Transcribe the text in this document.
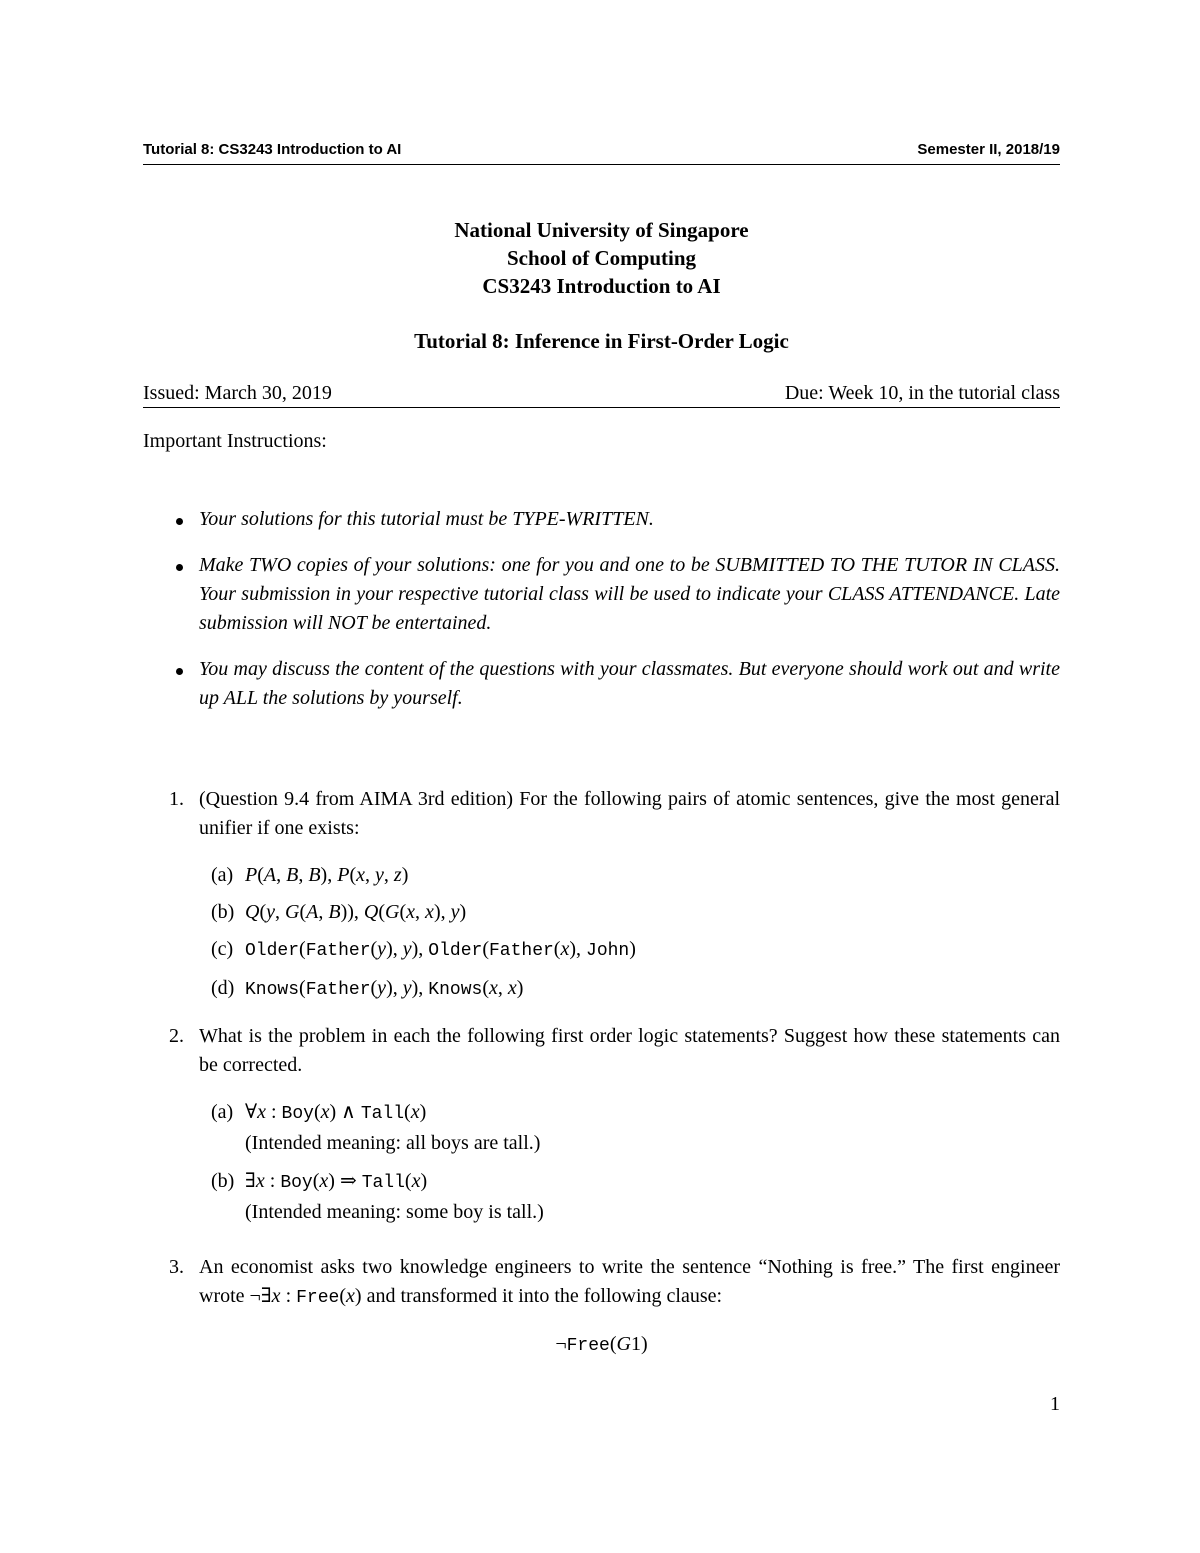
Tutorial 8: CS3243 Introduction to AI	Semester II, 2018/19
National University of Singapore
School of Computing
CS3243 Introduction to AI
Tutorial 8: Inference in First-Order Logic
Issued: March 30, 2019	Due: Week 10, in the tutorial class
Important Instructions:
Your solutions for this tutorial must be TYPE-WRITTEN.
Make TWO copies of your solutions: one for you and one to be SUBMITTED TO THE TUTOR IN CLASS. Your submission in your respective tutorial class will be used to indicate your CLASS ATTENDANCE. Late submission will NOT be entertained.
You may discuss the content of the questions with your classmates. But everyone should work out and write up ALL the solutions by yourself.
1. (Question 9.4 from AIMA 3rd edition) For the following pairs of atomic sentences, give the most general unifier if one exists:
(a) P(A, B, B), P(x, y, z)
(b) Q(y, G(A, B)), Q(G(x, x), y)
(c) Older(Father(y), y), Older(Father(x), John)
(d) Knows(Father(y), y), Knows(x, x)
2. What is the problem in each the following first order logic statements? Suggest how these statements can be corrected.
(a) ∀x : Boy(x) ∧ Tall(x)
(Intended meaning: all boys are tall.)
(b) ∃x : Boy(x) ⇒ Tall(x)
(Intended meaning: some boy is tall.)
3. An economist asks two knowledge engineers to write the sentence “Nothing is free.” The first engineer wrote ¬∃x : Free(x) and transformed it into the following clause:
¬Free(G1)
1
